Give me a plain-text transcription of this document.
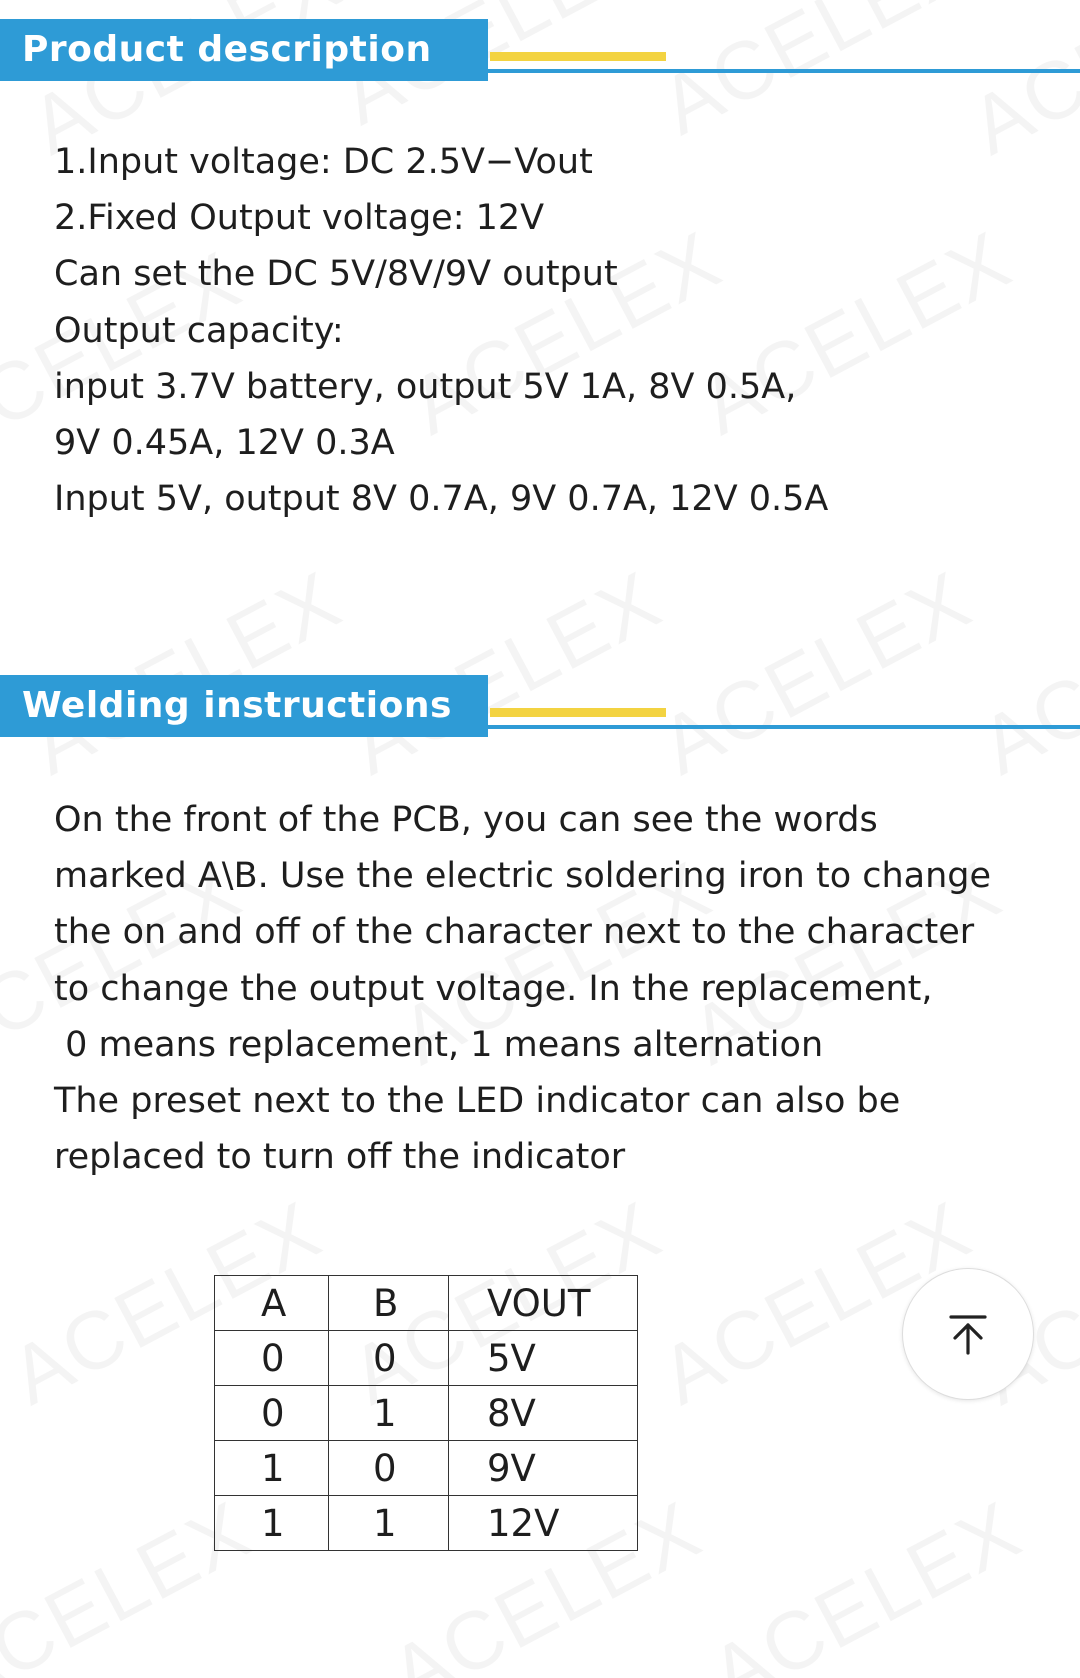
Product description
1.Input voltage: DC 2.5V−Vout
2.Fixed Output voltage: 12V
Can set the DC 5V/8V/9V output
Output capacity:
input 3.7V battery, output 5V 1A, 8V 0.5A,
9V 0.45A, 12V 0.3A
Input 5V, output 8V 0.7A, 9V 0.7A, 12V 0.5A
Welding instructions
On the front of the PCB, you can see the words
marked A\B. Use the electric soldering iron to change
the on and off of the character next to the character
to change the output voltage. In the replacement,
0 means replacement, 1 means alternation
The preset next to the LED indicator can also be
replaced to turn off the indicator
A	B	VOUT
0	0	5V
0	1	8V
1	0	9V
1	1	12V
